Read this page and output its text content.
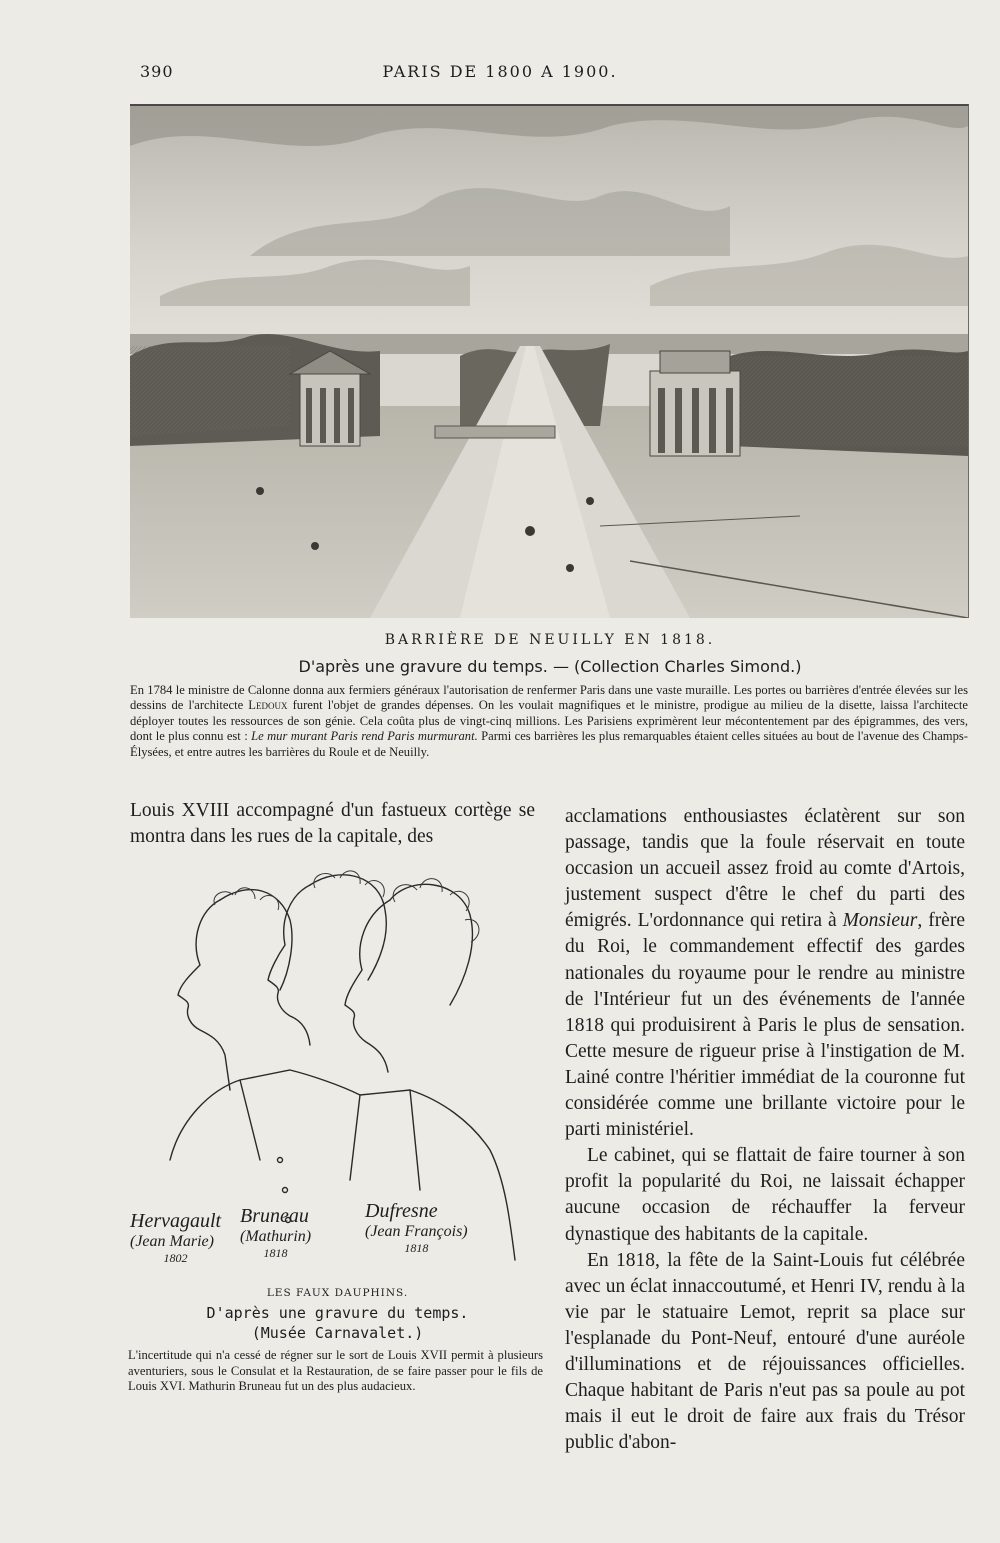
390	PARIS DE 1800 A 1900.
BARRIÈRE DE NEUILLY EN 1818.
D'après une gravure du temps. — (Collection Charles Simond.)
En 1784 le ministre de Calonne donna aux fermiers généraux l'autorisation de renfermer Paris dans une vaste muraille. Les portes ou barrières d'entrée élevées sur les dessins de l'architecte Ledoux furent l'objet de grandes dépenses. On les voulait magnifiques et le ministre, prodigue au milieu de la disette, laissa l'architecte déployer toutes les ressources de son génie. Cela coûta plus de vingt-cinq millions. Les Parisiens exprimèrent leur mécontentement par des épigrammes, des vers, dont le plus connu est : Le mur murant Paris rend Paris murmurant. Parmi ces barrières les plus remarquables étaient celles situées au bout de l'avenue des Champs-Élysées, et entre autres les barrières du Roule et de Neuilly.
Louis XVIII accompagné d'un fastueux cortège se montra dans les rues de la capitale, des
Hervagault
(Jean Marie)
1802
Bruneau
(Mathurin)
1818
Dufresne
(Jean François)
1818
LES FAUX DAUPHINS.
D'après une gravure du temps.
(Musée Carnavalet.)
L'incertitude qui n'a cessé de régner sur le sort de Louis XVII permit à plusieurs aventuriers, sous le Consulat et la Restauration, de se faire passer pour le fils de Louis XVI. Mathurin Bruneau fut un des plus audacieux.

acclamations enthousiastes éclatèrent sur son passage, tandis que la foule réservait en toute occasion un accueil assez froid au comte d'Artois, justement suspect d'être le chef du parti des émigrés. L'ordonnance qui retira à Monsieur, frère du Roi, le commandement effectif des gardes nationales du royaume pour le rendre au ministre de l'Intérieur fut un des événements de l'année 1818 qui produisirent à Paris le plus de sensation. Cette mesure de rigueur prise à l'instigation de M. Lainé contre l'héritier immédiat de la couronne fut considérée comme une brillante victoire pour le parti ministériel.

Le cabinet, qui se flattait de faire tourner à son profit la popularité du Roi, ne laissait échapper aucune occasion de réchauffer la ferveur dynastique des habitants de la capitale.

En 1818, la fête de la Saint-Louis fut célébrée avec un éclat innaccoutumé, et Henri IV, rendu à la vie par le statuaire Lemot, reprit sa place sur l'esplanade du Pont-Neuf, entouré d'une auréole d'illuminations et de réjouissances officielles. Chaque habitant de Paris n'eut pas sa poule au pot mais il eut le droit de faire aux frais du Trésor public d'abon-
